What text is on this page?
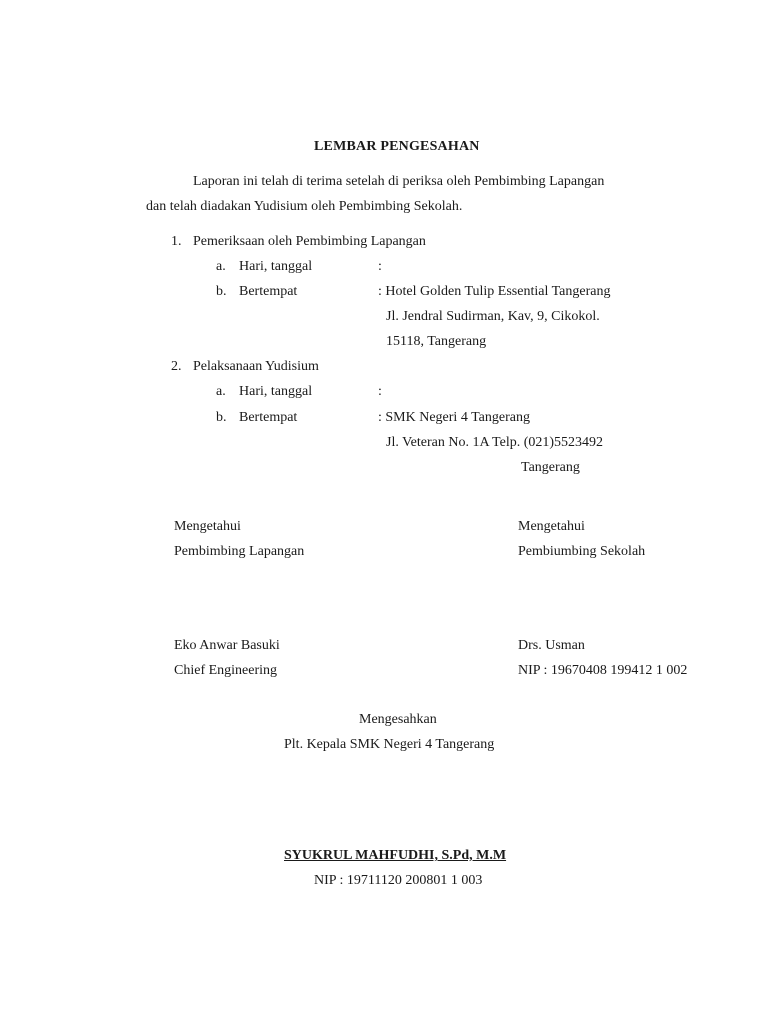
LEMBAR PENGESAHAN
Laporan ini telah di terima setelah di periksa oleh Pembimbing Lapangan
dan telah diadakan Yudisium oleh Pembimbing Sekolah.
1. Pemeriksaan oleh Pembimbing Lapangan
a. Hari, tanggal	:
b. Bertempat	: Hotel Golden Tulip Essential Tangerang
Jl. Jendral Sudirman, Kav, 9, Cikokol.
15118, Tangerang
2. Pelaksanaan Yudisium
a. Hari, tanggal	:
b. Bertempat	: SMK Negeri 4 Tangerang
Jl. Veteran No. 1A Telp. (021)5523492
Tangerang
Mengetahui
Pembimbing Lapangan
Eko Anwar Basuki
Chief Engineering
Mengetahui
Pembiumbing Sekolah
Drs. Usman
NIP : 19670408 199412 1 002
Mengesahkan
Plt. Kepala SMK Negeri 4 Tangerang
SYUKRUL MAHFUDHI, S.Pd, M.M
NIP : 19711120 200801 1 003
